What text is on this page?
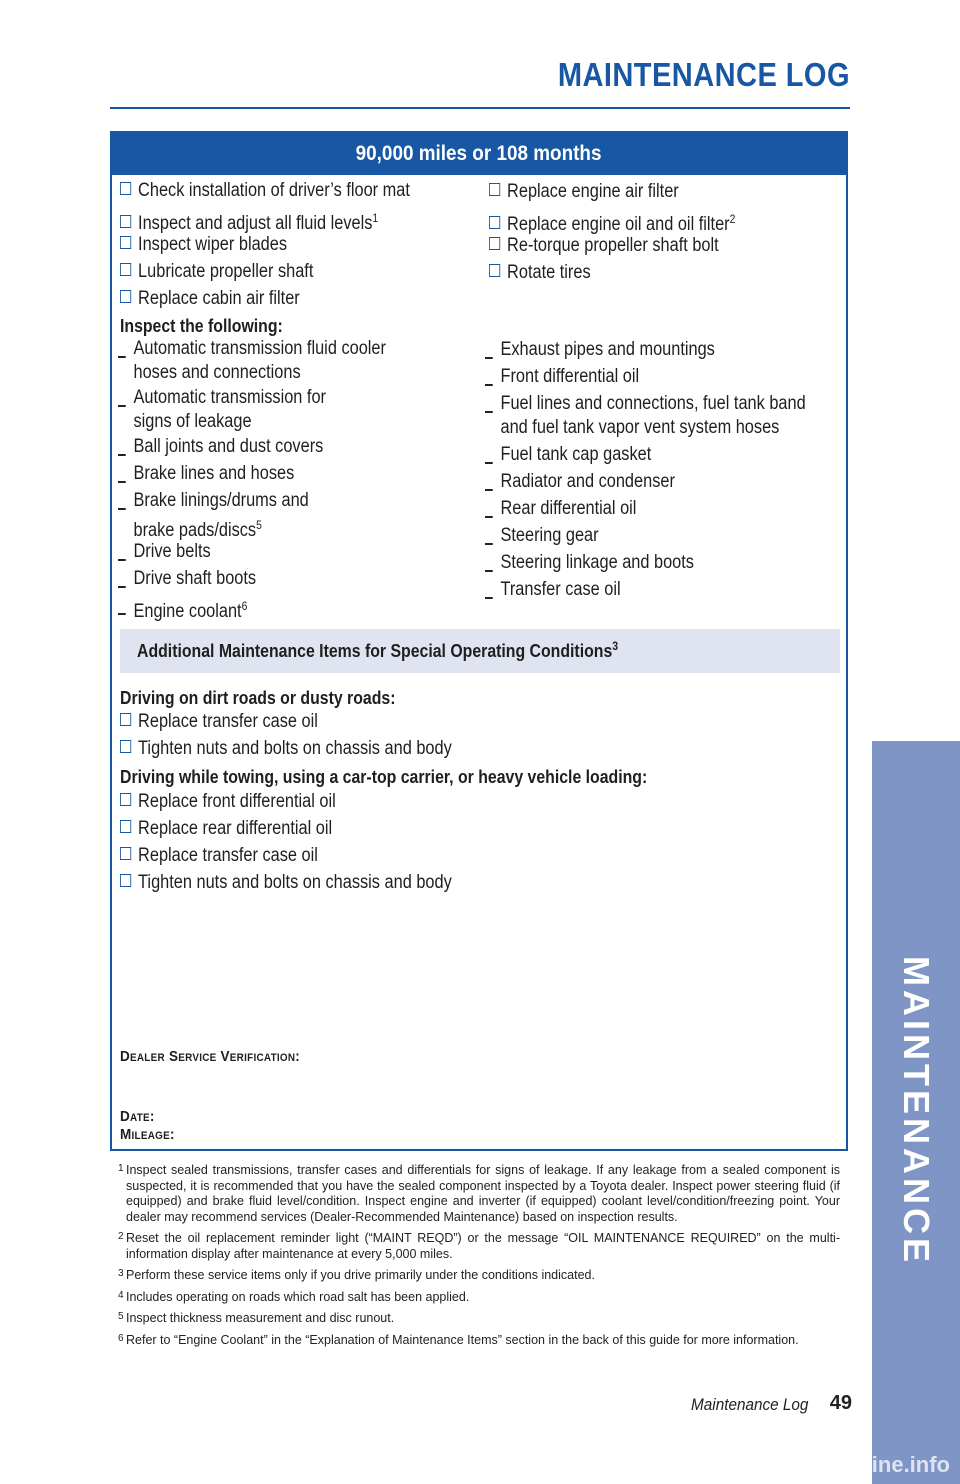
MAINTENANCE LOG
90,000 miles or 108 months
Check installation of driver’s floor mat
Inspect and adjust all fluid levels$^1$
Inspect wiper blades
Lubricate propeller shaft
Replace cabin air filter
Replace engine air filter
Replace engine oil and oil filter$^2$
Re-torque propeller shaft bolt
Rotate tires
Inspect the following:
Automatic transmission fluid cooler
hoses and connections
Automatic transmission for
signs of leakage
Ball joints and dust covers
Brake lines and hoses
Brake linings/drums and
brake pads/discs$^5$
Drive belts
Drive shaft boots
Engine coolant$^6$
Exhaust pipes and mountings
Front differential oil
Fuel lines and connections, fuel tank band
and fuel tank vapor vent system hoses
Fuel tank cap gasket
Radiator and condenser
Rear differential oil
Steering gear
Steering linkage and boots
Transfer case oil
Additional Maintenance Items for Special Operating Conditions$^3$
Driving on dirt roads or dusty roads:
Replace transfer case oil
Tighten nuts and bolts on chassis and body
Driving while towing, using a car-top carrier, or heavy vehicle loading:
Replace front differential oil
Replace rear differential oil
Replace transfer case oil
Tighten nuts and bolts on chassis and body
Dealer Service Verification:
Date:
Mileage:
1 Inspect sealed transmissions, transfer cases and differentials for signs of leakage. If any leakage from a sealed component is suspected, it is recommended that you have the sealed component inspected by a Toyota dealer. Inspect power steering fluid (if equipped) and brake fluid level/condition. Inspect engine and inverter (if equipped) coolant level/condition/freezing point. Your dealer may recommend services (Dealer-Recommended Maintenance) based on inspection results.
2 Reset the oil replacement reminder light (“MAINT REQD”) or the message “OIL MAINTENANCE REQUIRED” on the multi-information display after maintenance at every 5,000 miles.
3 Perform these service items only if you drive primarily under the conditions indicated.
4 Includes operating on roads which road salt has been applied.
5 Inspect thickness measurement and disc runout.
6 Refer to “Engine Coolant” in the “Explanation of Maintenance Items” section in the back of this guide for more information.
Maintenance Log 49
MAINTENANCE
carmanualsonline.info
